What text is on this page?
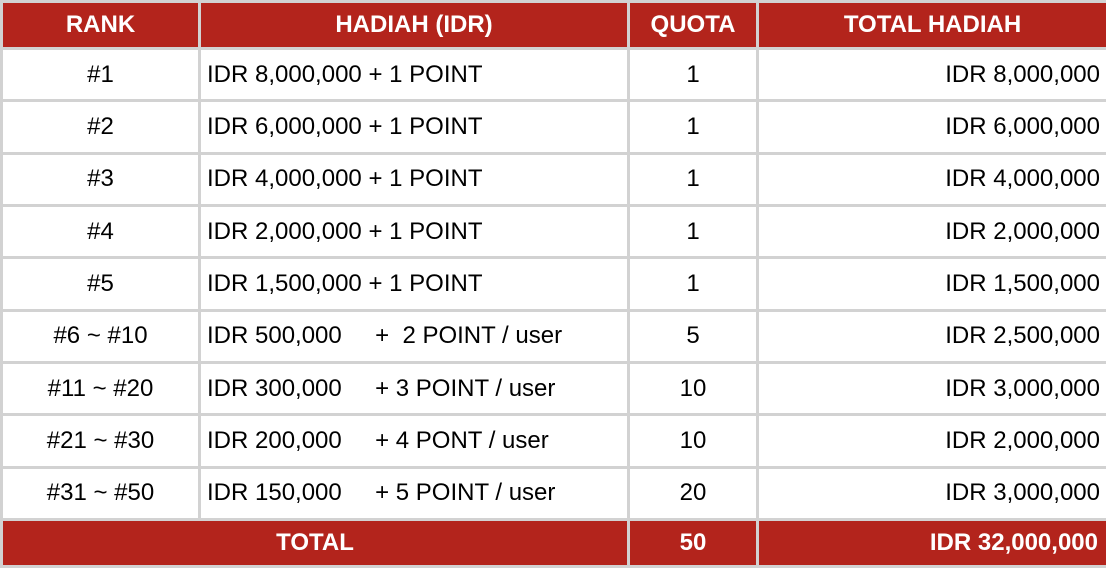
RANK	HADIAH (IDR)	QUOTA	TOTAL HADIAH
#1	IDR 8,000,000 + 1 POINT	1	IDR 8,000,000
#2	IDR 6,000,000 + 1 POINT	1	IDR 6,000,000
#3	IDR 4,000,000 + 1 POINT	1	IDR 4,000,000
#4	IDR 2,000,000 + 1 POINT	1	IDR 2,000,000
#5	IDR 1,500,000 + 1 POINT	1	IDR 1,500,000
#6 ~ #10	IDR 500,000     +  2 POINT / user	5	IDR 2,500,000
#11 ~ #20	IDR 300,000     + 3 POINT / user	10	IDR 3,000,000
#21 ~ #30	IDR 200,000     + 4 PONT / user	10	IDR 2,000,000
#31 ~ #50	IDR 150,000     + 5 POINT / user	20	IDR 3,000,000
TOTAL		50	IDR 32,000,000
